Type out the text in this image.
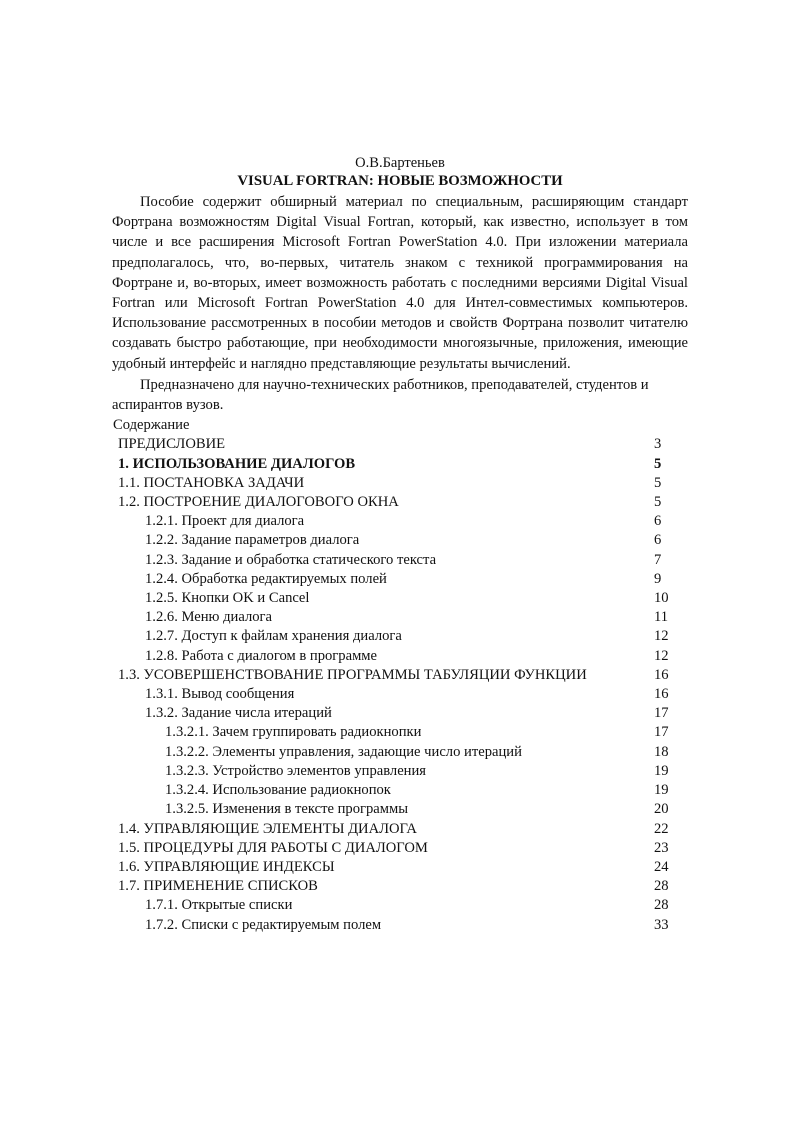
О.В.Бартеньев

VISUAL FORTRAN: НОВЫЕ ВОЗМОЖНОСТИ

Пособие содержит обширный материал по специальным, расширяющим стандарт Фортрана возможностям Digital Visual Fortran, который, как известно, использует в том числе и все расширения Microsoft Fortran PowerStation 4.0. При изложении материала предполагалось, что, во-первых, читатель знаком с техникой программирования на Фортране и, во-вторых, имеет возможность работать с последними версиями Digital Visual Fortran или Microsoft Fortran PowerStation 4.0 для Интел-совместимых компьютеров. Использование рассмотренных в пособии методов и свойств Фортрана позволит читателю создавать быстро работающие, при необходимости многоязычные, приложения, имеющие удобный интерфейс и наглядно представляющие результаты вычислений.

Предназначено для научно-технических работников, преподавателей, студентов и аспирантов вузов.

Содержание

ПРЕДИСЛОВИЕ	3
1. ИСПОЛЬЗОВАНИЕ ДИАЛОГОВ	5
1.1. ПОСТАНОВКА ЗАДАЧИ	5
1.2. ПОСТРОЕНИЕ ДИАЛОГОВОГО ОКНА	5
1.2.1. Проект для диалога	6
1.2.2. Задание параметров диалога	6
1.2.3. Задание и обработка статического текста	7
1.2.4. Обработка редактируемых полей	9
1.2.5. Кнопки OK и Cancel	10
1.2.6. Меню диалога	11
1.2.7. Доступ к файлам хранения диалога	12
1.2.8. Работа с диалогом в программе	12
1.3. УСОВЕРШЕНСТВОВАНИЕ ПРОГРАММЫ ТАБУЛЯЦИИ ФУНКЦИИ	16
1.3.1. Вывод сообщения	16
1.3.2. Задание числа итераций	17
1.3.2.1. Зачем группировать радиокнопки	17
1.3.2.2. Элементы управления, задающие число итераций	18
1.3.2.3. Устройство элементов управления	19
1.3.2.4. Использование радиокнопок	19
1.3.2.5. Изменения в тексте программы	20
1.4. УПРАВЛЯЮЩИЕ ЭЛЕМЕНТЫ ДИАЛОГА	22
1.5. ПРОЦЕДУРЫ ДЛЯ РАБОТЫ С ДИАЛОГОМ	23
1.6. УПРАВЛЯЮЩИЕ ИНДЕКСЫ	24
1.7. ПРИМЕНЕНИЕ СПИСКОВ	28
1.7.1. Открытые списки	28
1.7.2. Списки с редактируемым полем	33
